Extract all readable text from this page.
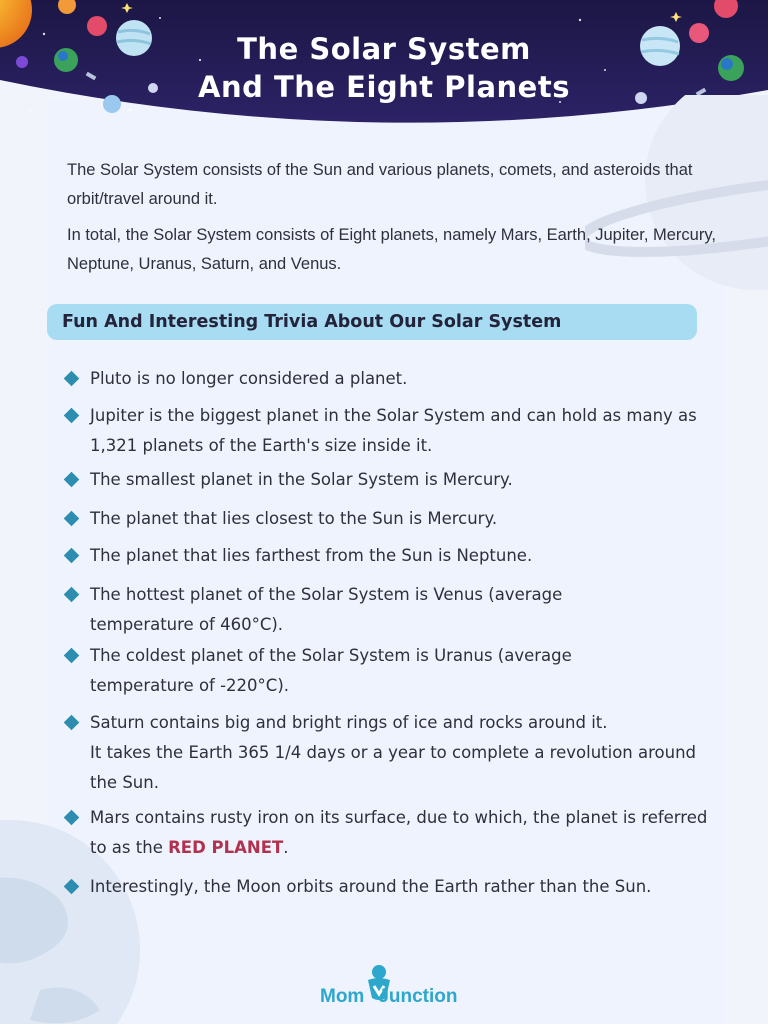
The Solar System
And The Eight Planets

The Solar System consists of the Sun and various planets, comets, and asteroids that orbit/travel around it.

In total, the Solar System consists of Eight planets, namely Mars, Earth, Jupiter, Mercury, Neptune, Uranus, Saturn, and Venus.

Fun And Interesting Trivia About Our Solar System
Pluto is no longer considered a planet.
Jupiter is the biggest planet in the Solar System and can hold as many as 1,321 planets of the Earth's size inside it.
The smallest planet in the Solar System is Mercury.
The planet that lies closest to the Sun is Mercury.
The planet that lies farthest from the Sun is Neptune.
The hottest planet of the Solar System is Venus (average temperature of 460°C).
The coldest planet of the Solar System is Uranus (average temperature of -220°C).
Saturn contains big and bright rings of ice and rocks around it.
It takes the Earth 365 1/4 days or a year to complete a revolution around the Sun.
Mars contains rusty iron on its surface, due to which, the planet is referred to as the RED PLANET.
Interestingly, the Moon orbits around the Earth rather than the Sun.
Mom Junction
